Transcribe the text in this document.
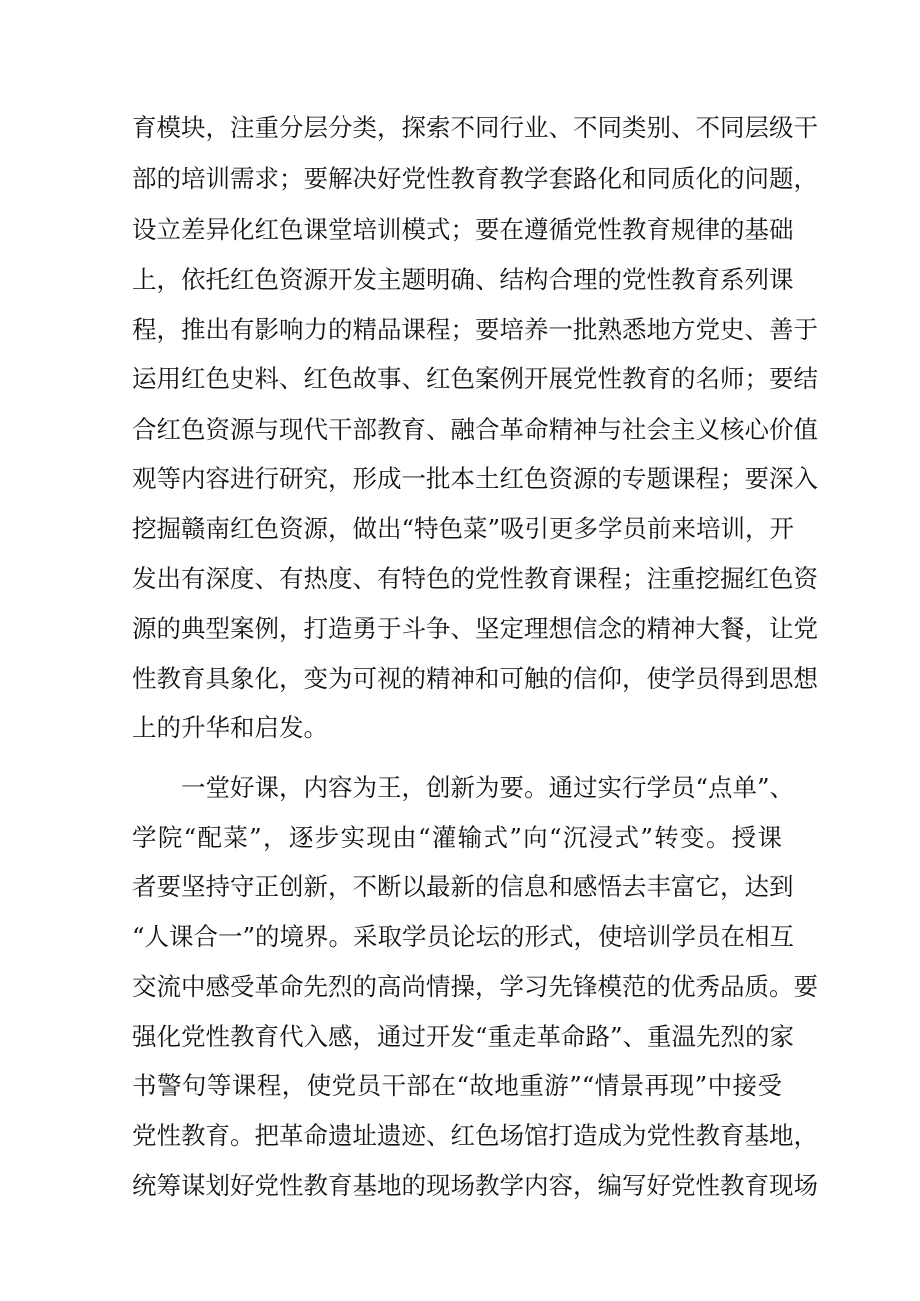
育模块，注重分层分类，探索不同行业、不同类别、不同层级干
部的培训需求；要解决好党性教育教学套路化和同质化的问题，
设立差异化红色课堂培训模式；要在遵循党性教育规律的基础
上，依托红色资源开发主题明确、结构合理的党性教育系列课
程，推出有影响力的精品课程；要培养一批熟悉地方党史、善于
运用红色史料、红色故事、红色案例开展党性教育的名师；要结
合红色资源与现代干部教育、融合革命精神与社会主义核心价值
观等内容进行研究，形成一批本土红色资源的专题课程；要深入
挖掘赣南红色资源，做出“特色菜”吸引更多学员前来培训，开
发出有深度、有热度、有特色的党性教育课程；注重挖掘红色资
源的典型案例，打造勇于斗争、坚定理想信念的精神大餐，让党
性教育具象化，变为可视的精神和可触的信仰，使学员得到思想
上的升华和启发。
一堂好课，内容为王，创新为要。通过实行学员“点单”、
学院“配菜”，逐步实现由“灌输式”向“沉浸式”转变。授课
者要坚持守正创新，不断以最新的信息和感悟去丰富它，达到
“人课合一”的境界。采取学员论坛的形式，使培训学员在相互
交流中感受革命先烈的高尚情操，学习先锋模范的优秀品质。要
强化党性教育代入感，通过开发“重走革命路”、重温先烈的家
书警句等课程，使党员干部在“故地重游”“情景再现”中接受
党性教育。把革命遗址遗迹、红色场馆打造成为党性教育基地，
统筹谋划好党性教育基地的现场教学内容，编写好党性教育现场
